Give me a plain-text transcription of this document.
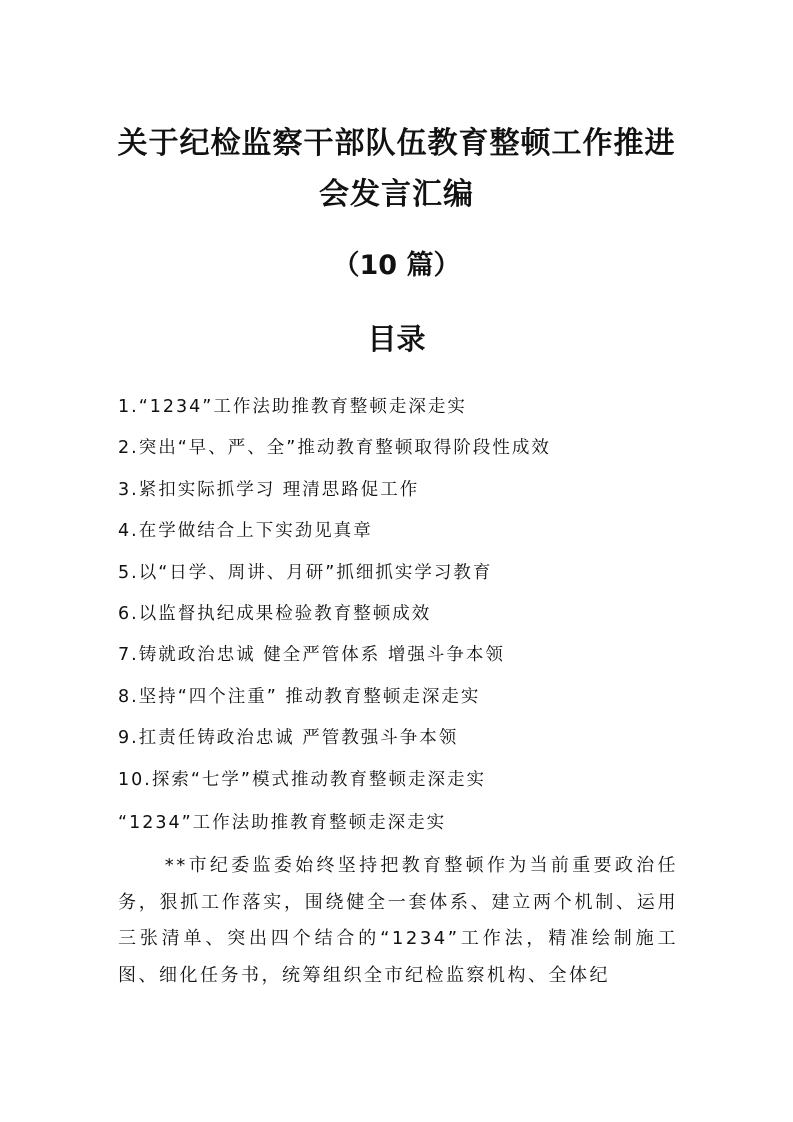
关于纪检监察干部队伍教育整顿工作推进
会发言汇编
（10 篇）
目录
1.“1234”工作法助推教育整顿走深走实
2.突出“早、严、全”推动教育整顿取得阶段性成效
3.紧扣实际抓学习 理清思路促工作
4.在学做结合上下实劲见真章
5.以“日学、周讲、月研”抓细抓实学习教育
6.以监督执纪成果检验教育整顿成效
7.铸就政治忠诚 健全严管体系 增强斗争本领
8.坚持“四个注重” 推动教育整顿走深走实
9.扛责任铸政治忠诚 严管教强斗争本领
10.探索“七学”模式推动教育整顿走深走实
“1234”工作法助推教育整顿走深走实

**市纪委监委始终坚持把教育整顿作为当前重要政治任务，狠抓工作落实，围绕健全一套体系、建立两个机制、运用三张清单、突出四个结合的“1234”工作法，精准绘制施工图、细化任务书，统筹组织全市纪检监察机构、全体纪
